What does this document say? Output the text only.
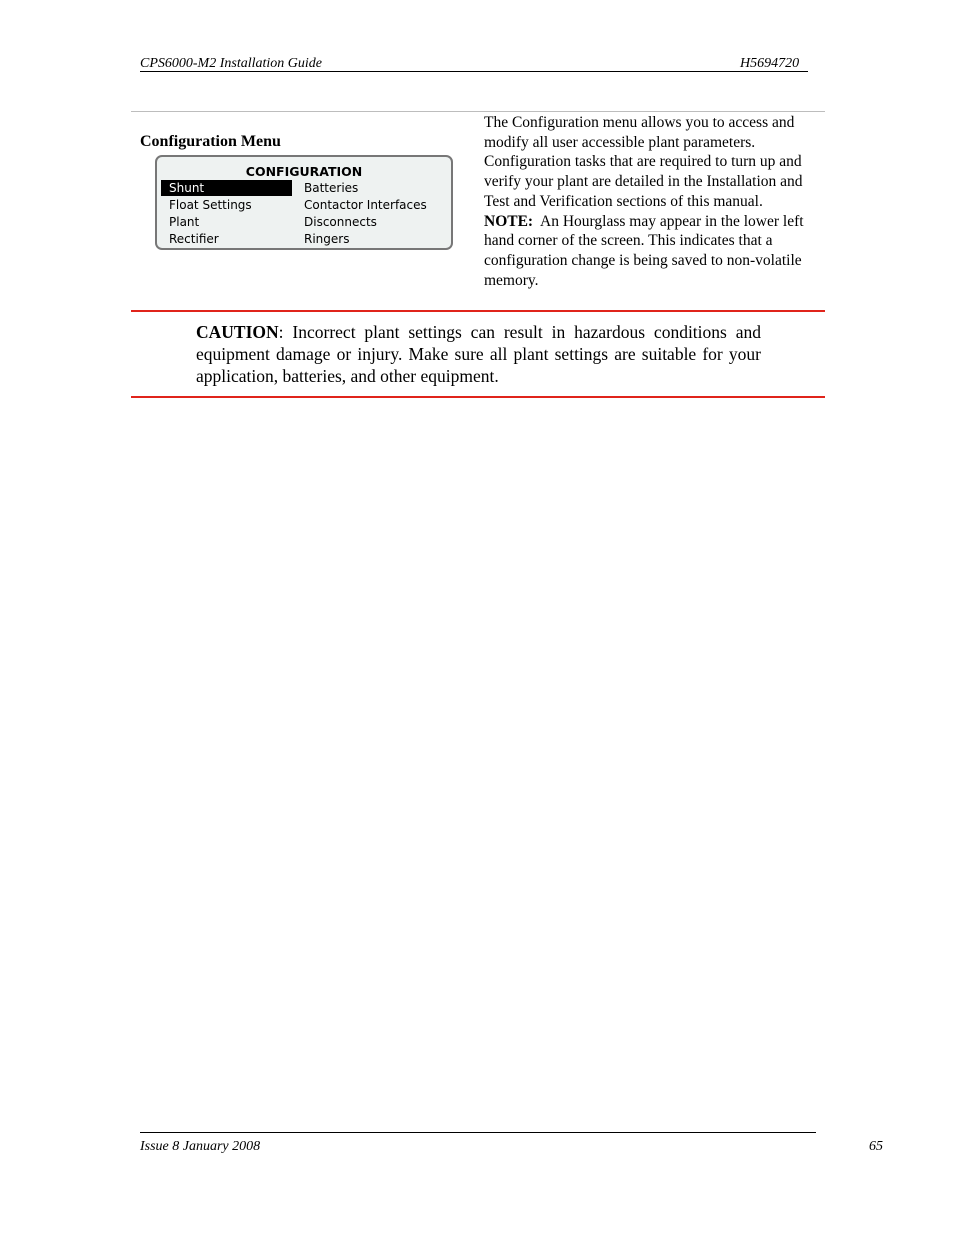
CPS6000-M2 Installation Guide	H5694720
Configuration Menu
CONFIGURATION
Shunt
Float Settings
Plant
Rectifier
Batteries
Contactor Interfaces
Disconnects
Ringers

The Configuration menu allows you to access and modify all user accessible plant parameters. Configuration tasks that are required to turn up and verify your plant are detailed in the Installation and Test and Verification sections of this manual.

NOTE: An Hourglass may appear in the lower left hand corner of the screen. This indicates that a configuration change is being saved to non-volatile memory.

CAUTION: Incorrect plant settings can result in hazardous conditions and equipment damage or injury. Make sure all plant settings are suitable for your application, batteries, and other equipment.
Issue 8 January 2008	65
